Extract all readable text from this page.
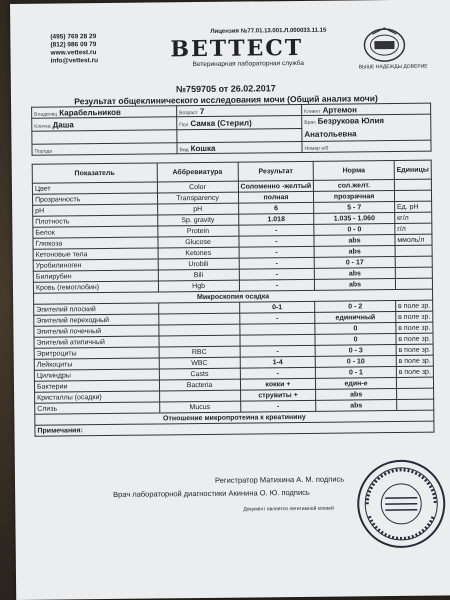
(495) 769 28 29
(812) 986 09 79
www.vettest.ru
info@vettest.ru
Лицензия №77.01.13.001.Л.000033.11.15
ВЕТТЕСТ
Ветеринарная лабораторная служба	ВЫШЕ НАДЕЖДЫ ДОВЕРИЕ
№759705 от 26.02.2017
Результат общеклинического исследования мочи (Общий анализ мочи)
Владелец Карабельников	Возраст 7	Клиент Артемон
Кличка Даша	Пол Самка (Стерил)	Врач Безрукова Юлия Анатольевна

Порода	Вид Кошка	Номер и/б
Показатель	Аббревиатура	Результат	Норма	Единицы
Цвет	Color	Соломенно -желтый	сол.желт.	
Прозрачность	Transparency	полная	прозрачная	
pH	pH	6	5 - 7	Ед. pH
Плотность	Sp. gravity	1.018	1.035 - 1.060	кг/л
Белок	Protein	-	0 - 0	г/л
Глюкоза	Glucose	-	abs	ммоль/л
Кетоновые тела	Ketones	-	abs	
Уробилиноген	Urobili	-	0 - 17	
Билирубин	Bili	-	abs	
Кровь (гемоглобин)	Hgb	-	abs	
Микроскопия осадка				
Эпителий плоский		0-1	0 - 2	в поле зр.
Эпителий переходный		-	единичный	в поле зр.
Эпителий почечный			0	в поле зр.
Эпителий атипичный			0	в поле зр.
Эритроциты	RBC	-	0 - 3	в поле зр.
Лейкоциты	WBC	1-4	0 - 10	в поле зр.
Цилиндры	Casts	-	0 - 1	в поле зр.
Бактерии	Bacteria	кокки +	един-е	
Кристаллы (осадки)		струвиты +	abs	
Слизь	Mucus	-	abs	
Отношение микропротеина к креатинину				
Примечания:				
Регистратор Матихина А. М. подпись
Врач лабораторной диагностики Акинина О. Ю. подпись
Документ является легитимной копией
